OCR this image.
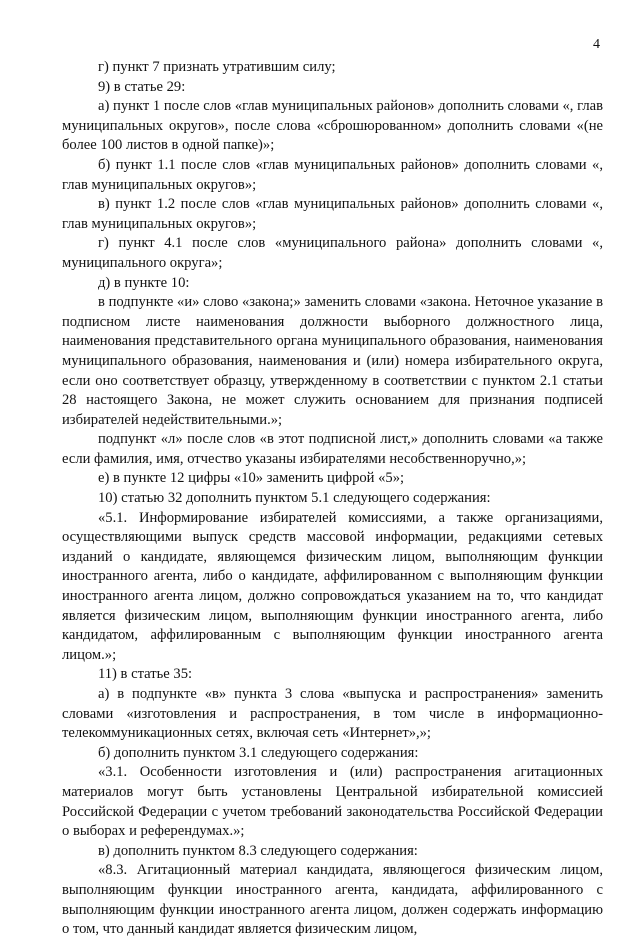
4

г) пункт 7 признать утратившим силу;

9) в статье 29:

а) пункт 1 после слов «глав муниципальных районов» дополнить словами «, глав муниципальных округов», после слова «сброшюрованном» дополнить словами «(не более 100 листов в одной папке)»;

б) пункт 1.1 после слов «глав муниципальных районов» дополнить словами «, глав муниципальных округов»;

в) пункт 1.2 после слов «глав муниципальных районов» дополнить словами «, глав муниципальных округов»;

г) пункт 4.1 после слов «муниципального района» дополнить словами «, муниципального округа»;

д) в пункте 10:

в подпункте «и» слово «закона;» заменить словами «закона. Неточное указание в подписном листе наименования должности выборного должностного лица, наименования представительного органа муниципального образования, наименования муниципального образования, наименования и (или) номера избирательного округа, если оно соответствует образцу, утвержденному в соответствии с пунктом 2.1 статьи 28 настоящего Закона, не может служить основанием для признания подписей избирателей недействительными.»;

подпункт «л» после слов «в этот подписной лист,» дополнить словами «а также если фамилия, имя, отчество указаны избирателями несобственноручно,»;

е) в пункте 12 цифры «10» заменить цифрой «5»;

10) статью 32 дополнить пунктом 5.1 следующего содержания:

«5.1. Информирование избирателей комиссиями, а также организациями, осуществляющими выпуск средств массовой информации, редакциями сетевых изданий о кандидате, являющемся физическим лицом, выполняющим функции иностранного агента, либо о кандидате, аффилированном с выполняющим функции иностранного агента лицом, должно сопровождаться указанием на то, что кандидат является физическим лицом, выполняющим функции иностранного агента, либо кандидатом, аффилированным с выполняющим функции иностранного агента лицом.»;

11) в статье 35:

а) в подпункте «в» пункта 3 слова «выпуска и распространения» заменить словами «изготовления и распространения, в том числе в информационно-телекоммуникационных сетях, включая сеть «Интернет»,»;

б) дополнить пунктом 3.1 следующего содержания:

«3.1. Особенности изготовления и (или) распространения агитационных материалов могут быть установлены Центральной избирательной комиссией Российской Федерации с учетом требований законодательства Российской Федерации о выборах и референдумах.»;

в) дополнить пунктом 8.3 следующего содержания:

«8.3. Агитационный материал кандидата, являющегося физическим лицом, выполняющим функции иностранного агента, кандидата, аффилированного с выполняющим функции иностранного агента лицом, должен содержать информацию о том, что данный кандидат является физическим лицом,
